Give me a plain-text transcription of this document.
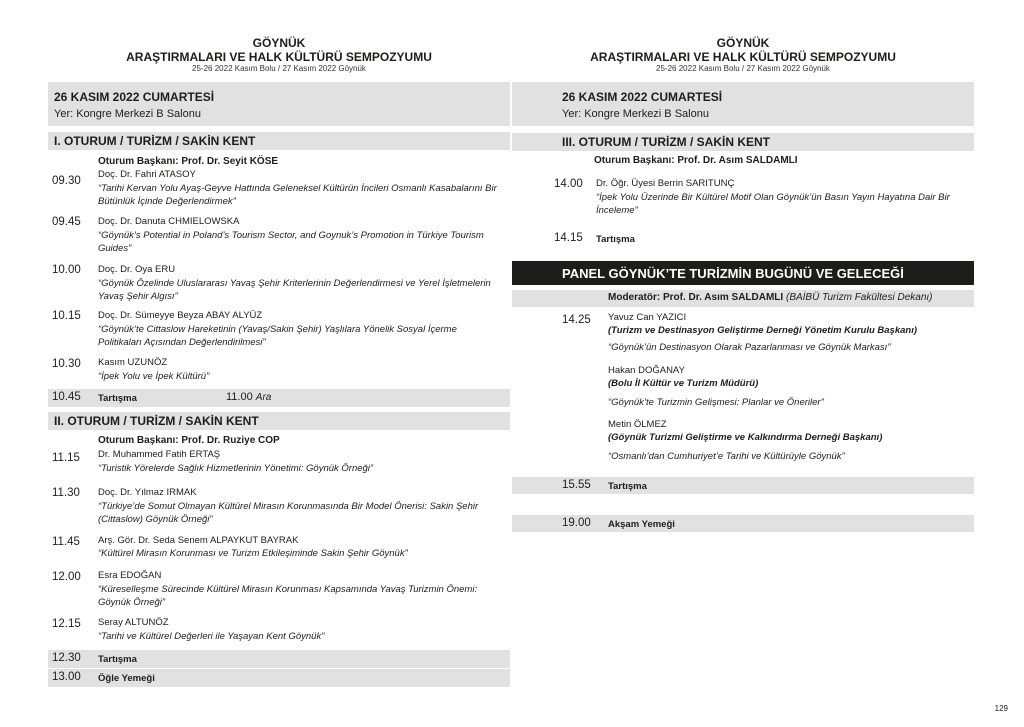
GÖYNÜK
ARAŞTIRMALARI VE HALK KÜLTÜRÜ SEMPOZYUMU
25-26 2022 Kasım Bolu / 27 Kasım 2022 Göynük
26 KASIM 2022 CUMARTESİ
Yer: Kongre Merkezi B Salonu
I. OTURUM / TURİZM / SAKİN KENT
Oturum Başkanı: Prof. Dr. Seyit KÖSE
09.30
Doç. Dr. Fahri ATASOY
“Tarihi Kervan Yolu Ayaş-Geyve Hattında Geleneksel Kültürün İncileri Osmanlı Kasabalarını Bir Bütünlük İçinde Değerlendirmek”
09.45 Doç. Dr. Danuta CHMIELOWSKA
“Göynük’s Potential in Poland’s Tourism Sector, and Goynuk’s Promotion in Türkiye Tourism Guides”
10.00 Doç. Dr. Oya ERU
“Göynük Özelinde Uluslararası Yavaş Şehir Kriterlerinin Değerlendirmesi ve Yerel İşletmelerin Yavaş Şehir Algısı”
10.15 Doç. Dr. Sümeyye Beyza ABAY ALYÜZ
“Göynük’te Cittaslow Hareketinin (Yavaş/Sakin Şehir) Yaşlılara Yönelik Sosyal İçerme Politikaları Açısından Değerlendirilmesi”
10.30 Kasım UZUNÖZ
“İpek Yolu ve İpek Kültürü”
10.45 Tartışma	11.00 Ara
II. OTURUM / TURİZM / SAKİN KENT
Oturum Başkanı: Prof. Dr. Ruziye COP
11.15 Dr. Muhammed Fatih ERTAŞ
“Turistik Yörelerde Sağlık Hizmetlerinin Yönetimi: Göynük Örneği”
11.30 Doç. Dr. Yılmaz IRMAK
“Türkiye’de Somut Olmayan Kültürel Mirasın Korunmasında Bir Model Önerisi: Sakin Şehir (Cittaslow) Göynük Örneği”
11.45 Arş. Gör. Dr. Seda Senem ALPAYKUT BAYRAK
“Kültürel Mirasın Korunması ve Turizm Etkileşiminde Sakin Şehir Göynük”
12.00 Esra EDOĞAN
“Küreselleşme Sürecinde Kültürel Mirasın Korunması Kapsamında Yavaş Turizmin Önemi: Göynük Örneği”
12.15 Seray ALTUNÖZ
“Tarihi ve Kültürel Değerleri ile Yaşayan Kent Göynük”
12.30 Tartışma
13.00 Öğle Yemeği
GÖYNÜK
ARAŞTIRMALARI VE HALK KÜLTÜRÜ SEMPOZYUMU
25-26 2022 Kasım Bolu / 27 Kasım 2022 Göynük
26 KASIM 2022 CUMARTESİ
Yer: Kongre Merkezi B Salonu
III. OTURUM / TURİZM / SAKİN KENT
Oturum Başkanı: Prof. Dr. Asım SALDAMLI
14.00 Dr. Öğr. Üyesi Berrin SARITUNÇ
“İpek Yolu Üzerinde Bir Kültürel Motif Olan Göynük’ün Basın Yayın Hayatına Dair Bir İnceleme”
14.15 Tartışma
PANEL GÖYNÜK’TE TURİZMİN BUGÜNÜ VE GELECEĞİ
Moderatör: Prof. Dr. Asım SALDAMLI (BAİBÜ Turizm Fakültesi Dekanı)
14.25 Yavuz Can YAZICI
(Turizm ve Destinasyon Geliştirme Derneği Yönetim Kurulu Başkanı)
“Göynük’ün Destinasyon Olarak Pazarlanması ve Göynük Markası”
Hakan DOĞANAY
(Bolu İl Kültür ve Turizm Müdürü)
“Göynük’te Turizmin Gelişmesi: Planlar ve Öneriler”
Metin ÖLMEZ
(Göynük Turizmi Geliştirme ve Kalkındırma Derneği Başkanı)
“Osmanlı’dan Cumhuriyet’e Tarihi ve Kültürüyle Göynük”
15.55 Tartışma
19.00 Akşam Yemeği
129
